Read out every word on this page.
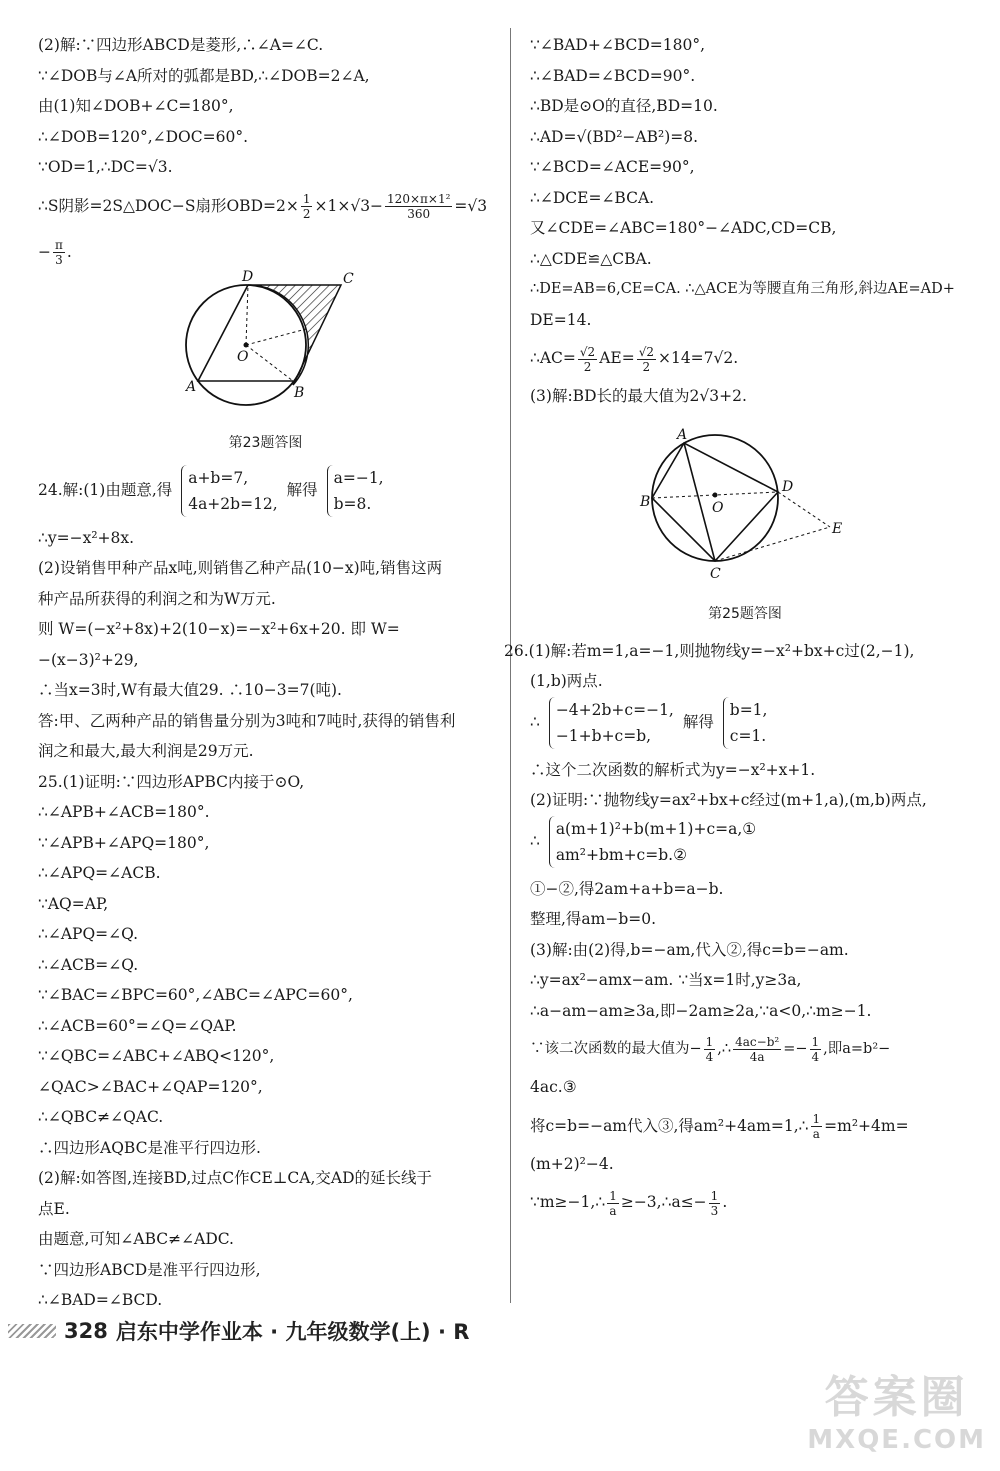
(2)解:∵四边形ABCD是菱形,∴∠A=∠C.
∵∠DOB与∠A所对的弧都是BD,∴∠DOB=2∠A,
由(1)知∠DOB+∠C=180°,
∴∠DOB=120°,∠DOC=60°.
∵OD=1,∴DC=√3.
∴S阴影=2S△DOC−S扇形$OBD=2\times \frac{1}{2} \times 1\times√3- \frac{\text{120×π×1²}}{360} =√3$
− $\frac{\pi}{3}$ .
D	C
O
A	B
第23题答图
24.解:(1)由题意,得
a+b=7,
4a+2b=12,
解得
a=−1,
b=8.
∴y=−x²+8x.
(2)设销售甲种产品x吨,则销售乙种产品(10−x)吨,销售这两
种产品所获得的利润之和为W万元.
则 W=(−x²+8x)+2(10−x)=−x²+6x+20. 即 W=
−(x−3)²+29,
∴当x=3时,W有最大值29. ∴10−3=7(吨).
答:甲、乙两种产品的销售量分别为3吨和7吨时,获得的销售利
润之和最大,最大利润是29万元.
25.(1)证明:∵四边形APBC内接于⊙O,
∴∠APB+∠ACB=180°.
∵∠APB+∠APQ=180°,
∴∠APQ=∠ACB.
∵AQ=AP,
∴∠APQ=∠Q.
∴∠ACB=∠Q.
∵∠BAC=∠BPC=60°,∠ABC=∠APC=60°,
∴∠ACB=60°=∠Q=∠QAP.
∵∠QBC=∠ABC+∠ABQ<120°,
∠QAC>∠BAC+∠QAP=120°,
∴∠QBC≠∠QAC.
∴四边形AQBC是准平行四边形.
(2)解:如答图,连接BD,过点C作CE⊥CA,交AD的延长线于
点E.
由题意,可知∠ABC≠∠ADC.
∵四边形ABCD是准平行四边形,
∴∠BAD=∠BCD.
∵∠BAD+∠BCD=180°,
∴∠BAD=∠BCD=90°.
∴BD是⊙O的直径,BD=10.
∴AD=√(BD²−AB²)=8.
∵∠BCD=∠ACE=90°,
∴∠DCE=∠BCA.
又∠CDE=∠ABC=180°−∠ADC,CD=CB,
∴△CDE≌△CBA.
∴DE=AB=6,CE=CA. ∴△ACE为等腰直角三角形,斜边AE=AD+
DE=14.
∴AC= $\frac{√2}{2} AE= \frac{√2}{2} \times 14=7√2$.
(3)解:BD长的最大值为2√3+2.
A
B	O
D
E
C
第25题答图
26.(1)解:若m=1,a=−1,则抛物线y=−x²+bx+c过(2,−1),
(1,b)两点.
∴
−4+2b+c=−1,
−1+b+c=b,
解得
b=1,
c=1.
∴这个二次函数的解析式为y=−x²+x+1.
(2)证明:∵抛物线y=ax²+bx+c经过(m+1,a),(m,b)两点,
∴
a(m+1)²+b(m+1)+c=a,①
am²+bm+c=b.②
①−②,得2am+a+b=a−b.
整理,得am−b=0.
(3)解:由(2)得,b=−am,代入②,得c=b=−am.
∴y=ax²−amx−am. ∵当x=1时,y≥3a,
∴a−am−am≥3a,即−2am≥2a,∵a<0,∴m≥−1.
∵该二次函数的最大值为− $\frac{1}{4}$ ,∴ $\frac{\text{4ac−b²}}{4a} =- \frac{1}{4}$ ,即a=b²−
4ac.③
将c=b=−am代入③,得am²+4am=1,∴ $\frac{1}{a} =m^2+4m=$
(m+2)²−4.
∵m≥−1,∴ $\frac{1}{a}$ ≥−3,∴a≤− $\frac{1}{3}$ .
328 启东中学作业本 · 九年级数学(上) · R
答案圈
MXQE.COM
